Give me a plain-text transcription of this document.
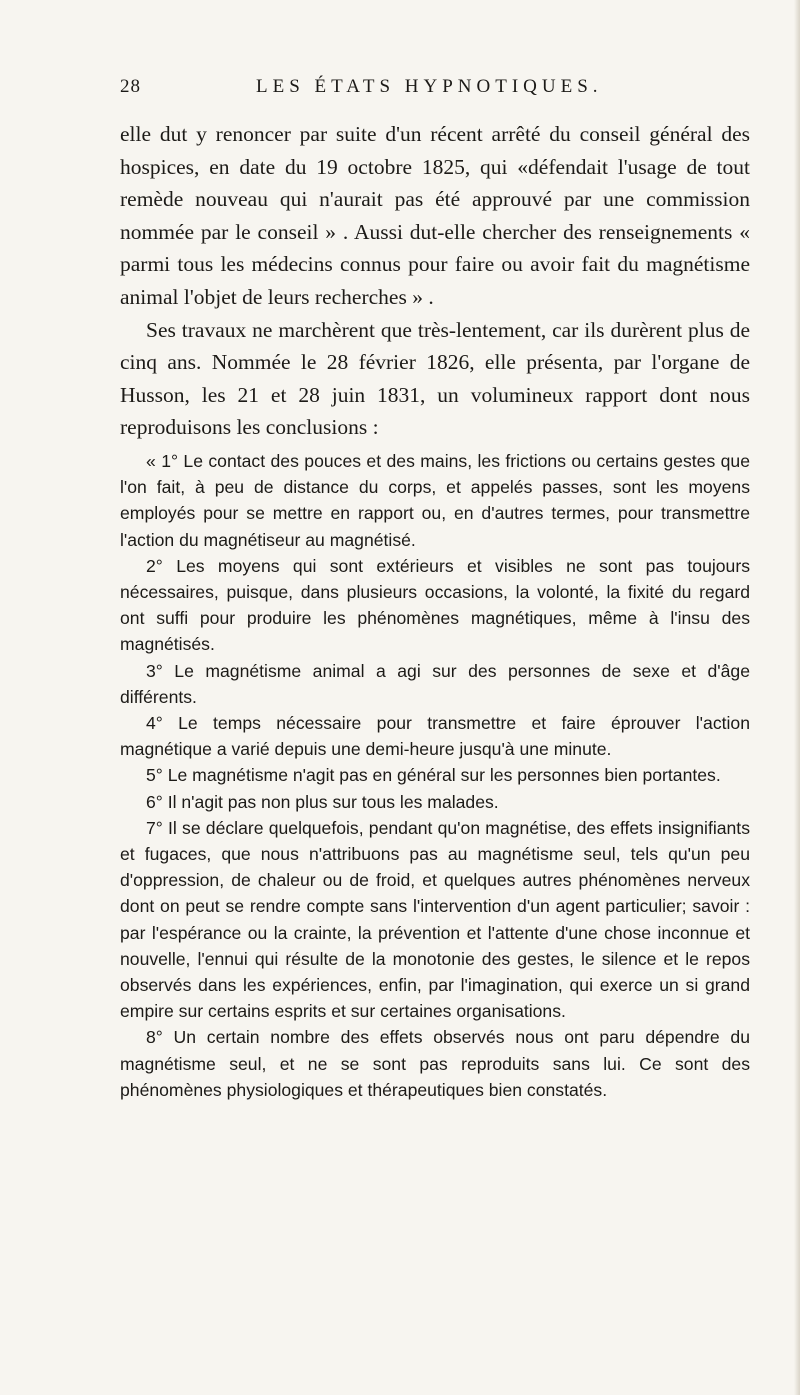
28	LES ÉTATS HYPNOTIQUES.

elle dut y renoncer par suite d'un récent arrêté du conseil général des hospices, en date du 19 octobre 1825, qui «défendait l'usage de tout remède nouveau qui n'aurait pas été approuvé par une commission nommée par le conseil » . Aussi dut-elle chercher des renseignements « parmi tous les médecins connus pour faire ou avoir fait du magnétisme animal l'objet de leurs recherches » .

Ses travaux ne marchèrent que très-lentement, car ils durèrent plus de cinq ans. Nommée le 28 février 1826, elle présenta, par l'organe de Husson, les 21 et 28 juin 1831, un volumineux rapport dont nous reproduisons les conclusions :

« 1° Le contact des pouces et des mains, les frictions ou certains gestes que l'on fait, à peu de distance du corps, et appelés passes, sont les moyens employés pour se mettre en rapport ou, en d'autres termes, pour transmettre l'action du magnétiseur au magnétisé.

2° Les moyens qui sont extérieurs et visibles ne sont pas toujours nécessaires, puisque, dans plusieurs occasions, la volonté, la fixité du regard ont suffi pour produire les phénomènes magnétiques, même à l'insu des magnétisés.

3° Le magnétisme animal a agi sur des personnes de sexe et d'âge différents.

4° Le temps nécessaire pour transmettre et faire éprouver l'action magnétique a varié depuis une demi-heure jusqu'à une minute.

5° Le magnétisme n'agit pas en général sur les personnes bien portantes.

6° Il n'agit pas non plus sur tous les malades.

7° Il se déclare quelquefois, pendant qu'on magnétise, des effets insignifiants et fugaces, que nous n'attribuons pas au magnétisme seul, tels qu'un peu d'oppression, de chaleur ou de froid, et quelques autres phénomènes nerveux dont on peut se rendre compte sans l'intervention d'un agent particulier; savoir : par l'espérance ou la crainte, la prévention et l'attente d'une chose inconnue et nouvelle, l'ennui qui résulte de la monotonie des gestes, le silence et le repos observés dans les expériences, enfin, par l'imagination, qui exerce un si grand empire sur certains esprits et sur certaines organisations.

8° Un certain nombre des effets observés nous ont paru dépendre du magnétisme seul, et ne se sont pas reproduits sans lui. Ce sont des phénomènes physiologiques et thérapeutiques bien constatés.
